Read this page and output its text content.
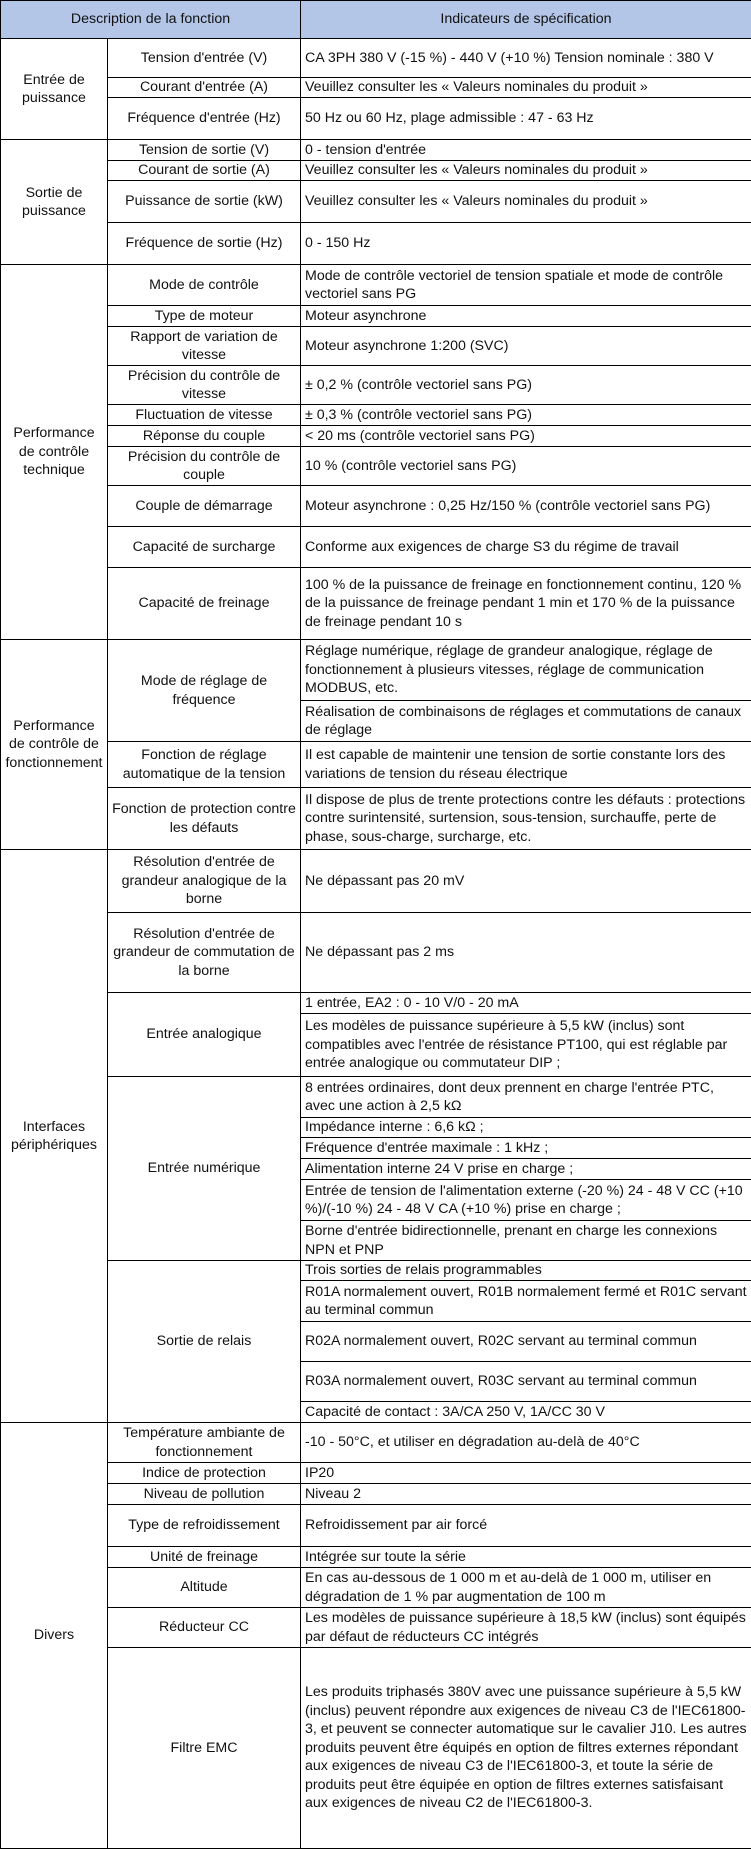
Description de la fonction		Indicateurs de spécification
Entrée de puissance	Tension d'entrée (V)	CA 3PH 380 V (-15 %) - 440 V (+10 %) Tension nominale : 380 V
	Courant d'entrée (A)	Veuillez consulter les « Valeurs nominales du produit »
	Fréquence d'entrée (Hz)	50 Hz ou 60 Hz, plage admissible : 47 - 63 Hz
Sortie de puissance	Tension de sortie (V)	0 - tension d'entrée
	Courant de sortie (A)	Veuillez consulter les « Valeurs nominales du produit »
	Puissance de sortie (kW)	Veuillez consulter les « Valeurs nominales du produit »
	Fréquence de sortie (Hz)	0 - 150 Hz
Performance de contrôle technique	Mode de contrôle	Mode de contrôle vectoriel de tension spatiale et mode de contrôle vectoriel sans PG
	Type de moteur	Moteur asynchrone
	Rapport de variation de vitesse	Moteur asynchrone 1:200 (SVC)
	Précision du contrôle de vitesse	± 0,2 % (contrôle vectoriel sans PG)
	Fluctuation de vitesse	± 0,3 % (contrôle vectoriel sans PG)
	Réponse du couple	< 20 ms (contrôle vectoriel sans PG)
	Précision du contrôle de couple	10 % (contrôle vectoriel sans PG)
	Couple de démarrage	Moteur asynchrone : 0,25 Hz/150 % (contrôle vectoriel sans PG)
	Capacité de surcharge	Conforme aux exigences de charge S3 du régime de travail
	Capacité de freinage	100 % de la puissance de freinage en fonctionnement continu, 120 % de la puissance de freinage pendant 1 min et 170 % de la puissance de freinage pendant 10 s
Performance de contrôle de fonctionnement	Mode de réglage de fréquence	Réglage numérique, réglage de grandeur analogique, réglage de fonctionnement à plusieurs vitesses, réglage de communication MODBUS, etc.
		Réalisation de combinaisons de réglages et commutations de canaux de réglage
	Fonction de réglage automatique de la tension	Il est capable de maintenir une tension de sortie constante lors des variations de tension du réseau électrique
	Fonction de protection contre les défauts	Il dispose de plus de trente protections contre les défauts : protections contre surintensité, surtension, sous-tension, surchauffe, perte de phase, sous-charge, surcharge, etc.
Interfaces périphériques	Résolution d'entrée de grandeur analogique de la borne	Ne dépassant pas 20 mV
	Résolution d'entrée de grandeur de commutation de la borne	Ne dépassant pas 2 ms
	Entrée analogique	1 entrée, EA2 : 0 - 10 V/0 - 20 mA
		Les modèles de puissance supérieure à 5,5 kW (inclus) sont compatibles avec l'entrée de résistance PT100, qui est réglable par entrée analogique ou commutateur DIP ;
	Entrée numérique	8 entrées ordinaires, dont deux prennent en charge l'entrée PTC, avec une action à 2,5 kΩ
		Impédance interne : 6,6 kΩ ;
		Fréquence d'entrée maximale : 1 kHz ;
		Alimentation interne 24 V prise en charge ;
		Entrée de tension de l'alimentation externe (-20 %) 24 - 48 V CC (+10 %)/(-10 %) 24 - 48 V CA (+10 %) prise en charge ;
		Borne d'entrée bidirectionnelle, prenant en charge les connexions NPN et PNP
	Sortie de relais	Trois sorties de relais programmables
		R01A normalement ouvert, R01B normalement fermé et R01C servant au terminal commun
		R02A normalement ouvert, R02C servant au terminal commun
		R03A normalement ouvert, R03C servant au terminal commun
		Capacité de contact : 3A/CA 250 V, 1A/CC 30 V
Divers	Température ambiante de fonctionnement	-10 - 50°C, et utiliser en dégradation au-delà de 40°C
	Indice de protection	IP20
	Niveau de pollution	Niveau 2
	Type de refroidissement	Refroidissement par air forcé
	Unité de freinage	Intégrée sur toute la série
	Altitude	En cas au-dessous de 1 000 m et au-delà de 1 000 m, utiliser en dégradation de 1 % par augmentation de 100 m
	Réducteur CC	Les modèles de puissance supérieure à 18,5 kW (inclus) sont équipés par défaut de réducteurs CC intégrés
	Filtre EMC	Les produits triphasés 380V avec une puissance supérieure à 5,5 kW (inclus) peuvent répondre aux exigences de niveau C3 de l'IEC61800-3, et peuvent se connecter automatique sur le cavalier J10. Les autres produits peuvent être équipés en option de filtres externes répondant aux exigences de niveau C3 de l'IEC61800-3, et toute la série de produits peut être équipée en option de filtres externes satisfaisant aux exigences de niveau C2 de l'IEC61800-3.
